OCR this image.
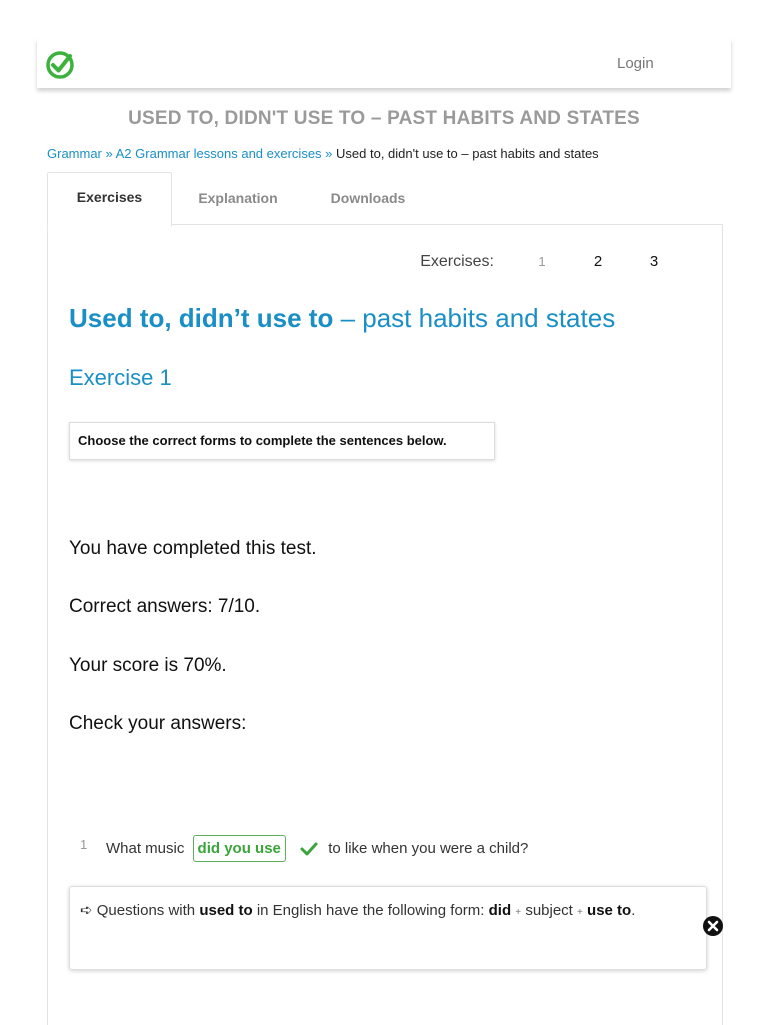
Login
USED TO, DIDN'T USE TO – PAST HABITS AND STATES
Grammar » A2 Grammar lessons and exercises » Used to, didn't use to – past habits and states
Exercises	Explanation	Downloads
Exercises:	1	2	3
Used to, didn’t use to – past habits and states
Exercise 1
Choose the correct forms to complete the sentences below.
You have completed this test.
Correct answers: 7/10.
Your score is 70%.
Check your answers:
1 What music did you use	to like when you were a child?
➪ Questions with used to in English have the following form: did + subject + use to.
